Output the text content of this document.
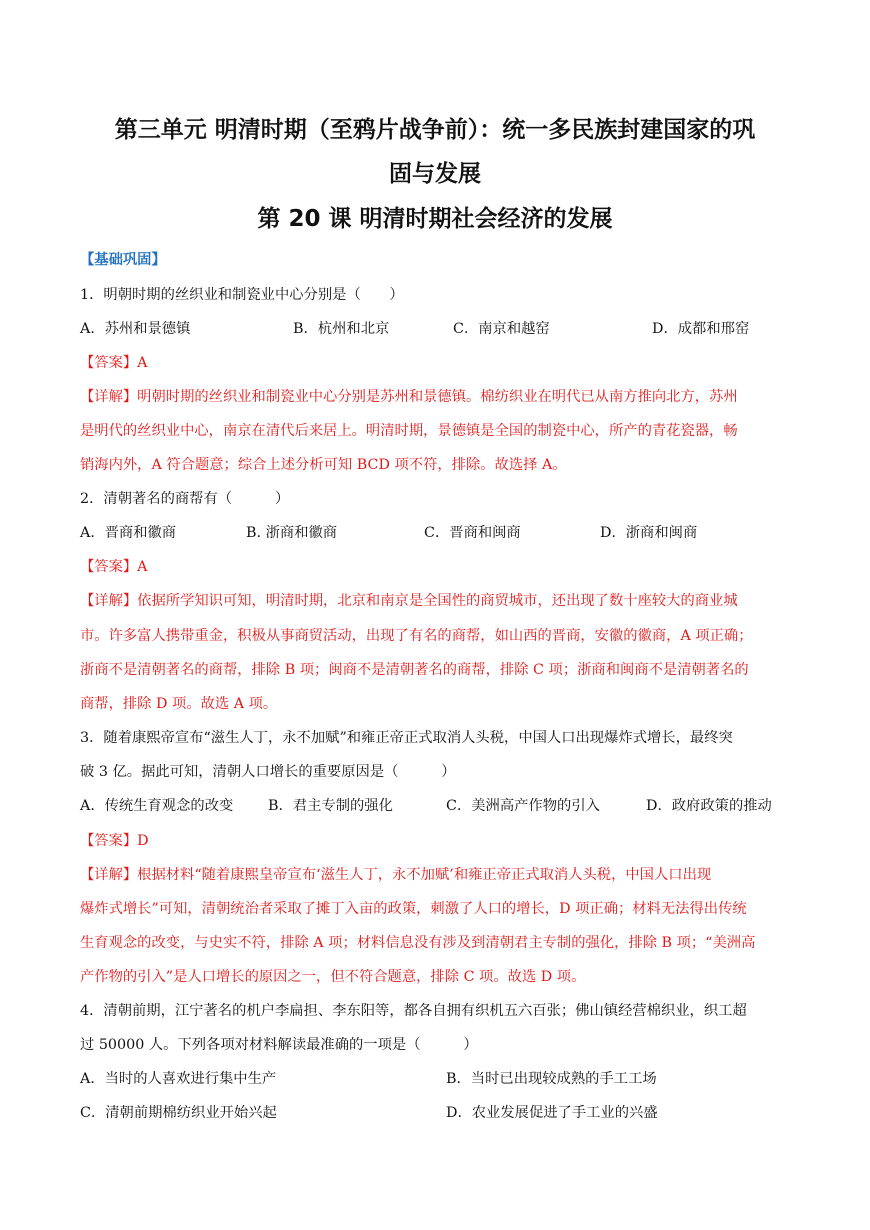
第三单元 明清时期（至鸦片战争前）：统一多民族封建国家的巩
固与发展
第 20 课 明清时期社会经济的发展
【基础巩固】
1．明朝时期的丝织业和制瓷业中心分别是（　　）
A．苏州和景德镇	B．杭州和北京	C．南京和越窑	D．成都和邢窑
【答案】A
【详解】明朝时期的丝织业和制瓷业中心分别是苏州和景德镇。棉纺织业在明代已从南方推向北方，苏州
是明代的丝织业中心，南京在清代后来居上。明清时期，景德镇是全国的制瓷中心，所产的青花瓷器，畅
销海内外，A 符合题意；综合上述分析可知 BCD 项不符，排除。故选择 A。
2．清朝著名的商帮有（　　　）
A．晋商和徽商	B. 浙商和徽商	C．晋商和闽商	D．浙商和闽商
【答案】A
【详解】依据所学知识可知，明清时期，北京和南京是全国性的商贸城市，还出现了数十座较大的商业城
市。许多富人携带重金，积极从事商贸活动，出现了有名的商帮，如山西的晋商，安徽的徽商，A 项正确；
浙商不是清朝著名的商帮，排除 B 项；闽商不是清朝著名的商帮，排除 C 项；浙商和闽商不是清朝著名的
商帮，排除 D 项。故选 A 项。
3．随着康熙帝宣布“滋生人丁，永不加赋”和雍正帝正式取消人头税，中国人口出现爆炸式增长，最终突
破 3 亿。据此可知，清朝人口增长的重要原因是（　　　）
A．传统生育观念的改变 B．君主专制的强化	C．美洲高产作物的引入	D．政府政策的推动
【答案】D
【详解】根据材料“随着康熙皇帝宣布‘滋生人丁，永不加赋’和雍正帝正式取消人头税，中国人口出现
爆炸式增长”可知，清朝统治者采取了摊丁入亩的政策，刺激了人口的增长，D 项正确；材料无法得出传统
生育观念的改变，与史实不符，排除 A 项；材料信息没有涉及到清朝君主专制的强化，排除 B 项；“美洲高
产作物的引入”是人口增长的原因之一，但不符合题意，排除 C 项。故选 D 项。
4．清朝前期，江宁著名的机户李扁担、李东阳等，都各自拥有织机五六百张；佛山镇经营棉织业，织工超
过 50000 人。下列各项对材料解读最准确的一项是（　　　）
A．当时的人喜欢进行集中生产	B．当时已出现较成熟的手工工场
C．清朝前期棉纺织业开始兴起	D．农业发展促进了手工业的兴盛
